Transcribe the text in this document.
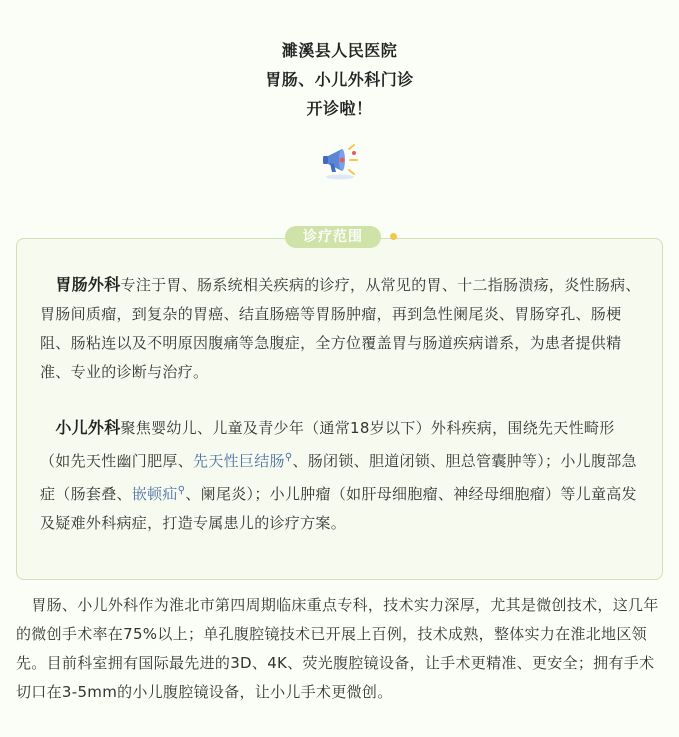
濉溪县人民医院
胃肠、小儿外科门诊
开诊啦！
诊疗范围
 胃肠外科专注于胃、肠系统相关疾病的诊疗，从常见的胃、十二指肠溃疡，炎性肠病、胃肠间质瘤，到复杂的胃癌、结直肠癌等胃肠肿瘤，再到急性阑尾炎、胃肠穿孔、肠梗阻、肠粘连以及不明原因腹痛等急腹症，全方位覆盖胃与肠道疾病谱系，为患者提供精准、专业的诊断与治疗。
 小儿外科聚焦婴幼儿、儿童及青少年（通常18岁以下）外科疾病，围绕先天性畸形（如先天性幽门肥厚、先天性巨结肠⚲、肠闭锁、胆道闭锁、胆总管囊肿等）；小儿腹部急症（肠套叠、嵌顿疝⚲、阑尾炎）；小儿肿瘤（如肝母细胞瘤、神经母细胞瘤）等儿童高发及疑难外科病症，打造专属患儿的诊疗方案。
 胃肠、小儿外科作为淮北市第四周期临床重点专科，技术实力深厚，尤其是微创技术，这几年的微创手术率在75%以上；单孔腹腔镜技术已开展上百例，技术成熟，整体实力在淮北地区领先。目前科室拥有国际最先进的3D、4K、荧光腹腔镜设备，让手术更精准、更安全；拥有手术切口在3-5mm的小儿腹腔镜设备，让小儿手术更微创。
